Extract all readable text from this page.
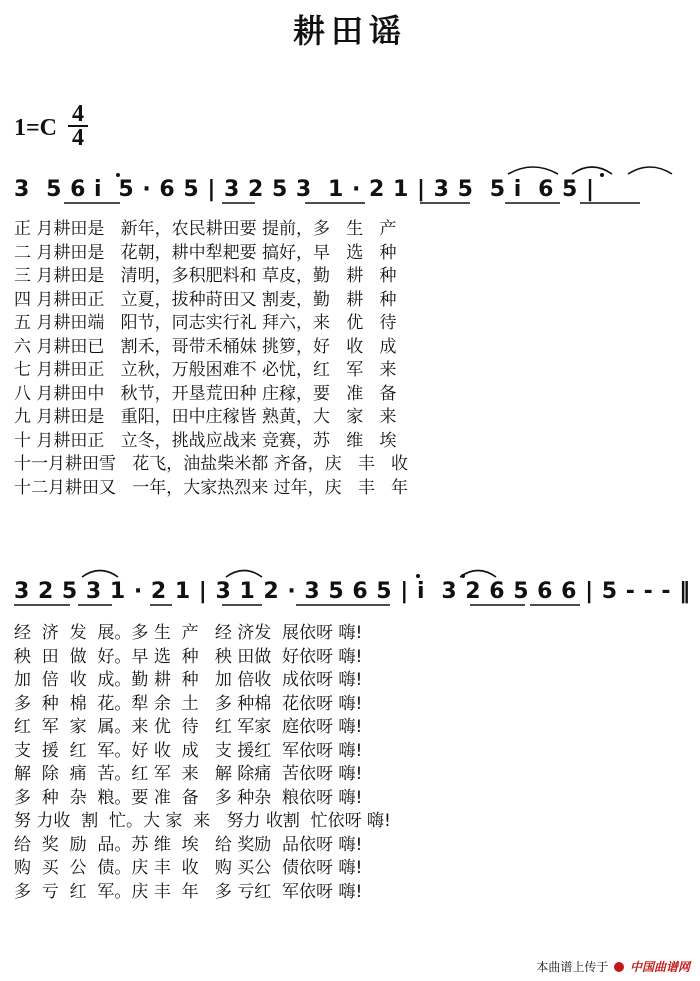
耕田谣
$1=C \frac{4}{4}$
3  5 6 i  5 · 6 5 | 3 2 5 3  1 · 2 1 | 3 5  5 i  6 5 |
正 月耕田是   新年，农民耕田要 提前，多   生   产
二 月耕田是   花朝，耕中犁耙要 搞好，早   选   种
三 月耕田是   清明，多积肥料和 草皮，勤   耕   种
四 月耕田正   立夏，拔种莳田又 割麦，勤   耕   种
五 月耕田端   阳节，同志实行礼 拜六，来   优   待
六 月耕田已   割禾，哥带禾桶妹 挑箩，好   收   成
七 月耕田正   立秋，万般困难不 必忧，红   军   来
八 月耕田中   秋节，开垦荒田种 庄稼，要   准   备
九 月耕田是   重阳，田中庄稼皆 熟黄，大   家   来
十 月耕田正   立冬，挑战应战来 竞赛，苏   维   埃
十一月耕田雪   花飞，油盐柴米都 齐备，庆   丰   收
十二月耕田又   一年，大家热烈来 过年，庆   丰   年
3 2 5 3 1 · 2 1 | 3 1 2 · 3 5 6 5 | i  3 2 6 5 6 6 | 5 - - - ‖
经  济  发  展。多 生  产   经 济发  展依呀 嗨!
秧  田  做  好。早 选  种   秧 田做  好依呀 嗨!
加  倍  收  成。勤 耕  种   加 倍收  成依呀 嗨!
多  种  棉  花。犁 余  土   多 种棉  花依呀 嗨!
红  军  家  属。来 优  待   红 军家  庭依呀 嗨!
支  援  红  军。好 收  成   支 援红  军依呀 嗨!
解  除  痛  苦。红 军  来   解 除痛  苦依呀 嗨!
多  种  杂  粮。要 准  备   多 种杂  粮依呀 嗨!
努 力收  割  忙。大 家  来   努力 收割  忙依呀 嗨!
给  奖  励  品。苏 维  埃   给 奖励  品依呀 嗨!
购  买  公  债。庆 丰  收   购 买公  债依呀 嗨!
多  亏  红  军。庆 丰  年   多 亏红  军依呀 嗨!
本曲谱上传于 中国曲谱网
